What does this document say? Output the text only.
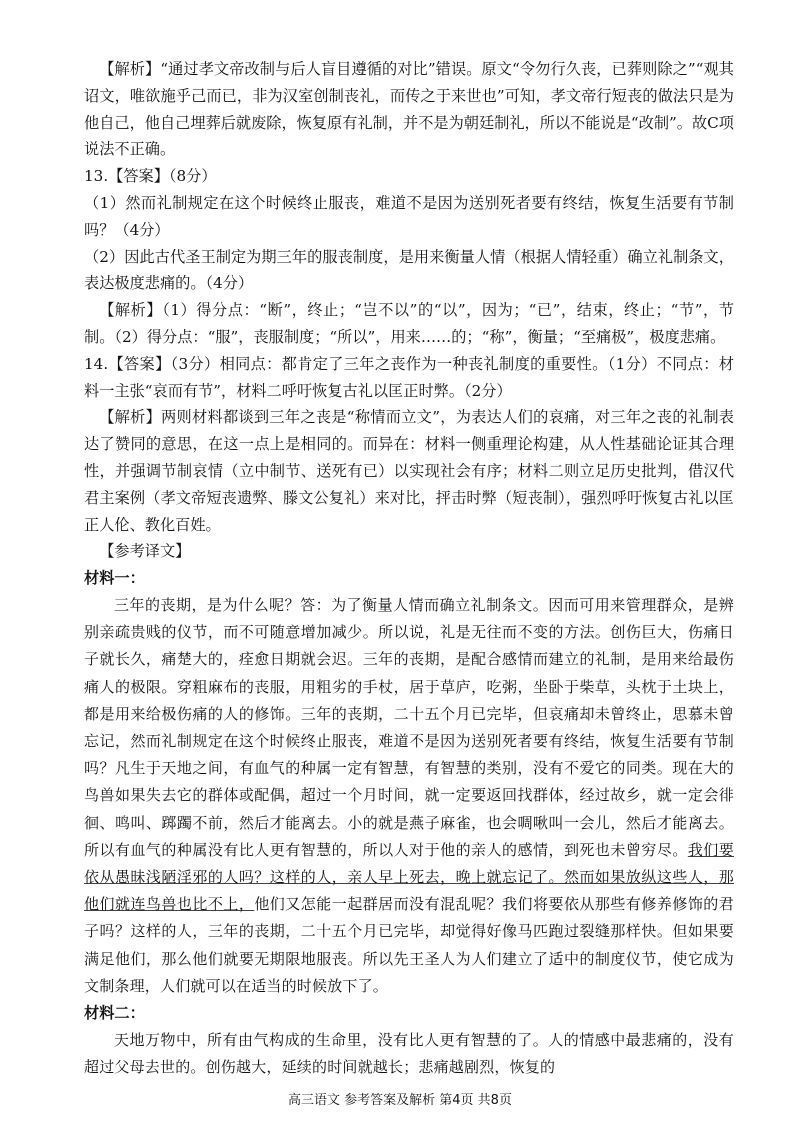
【解析】“通过孝文帝改制与后人盲目遵循的对比”错误。原文“令勿行久丧，已葬则除之”“观其诏文，唯欲施乎己而已，非为汉室创制丧礼，而传之于来世也”可知，孝文帝行短丧的做法只是为他自己，他自己埋葬后就废除，恢复原有礼制，并不是为朝廷制礼，所以不能说是“改制”。故C项说法不正确。

13.【答案】（8分）

（1）然而礼制规定在这个时候终止服丧，难道不是因为送别死者要有终结，恢复生活要有节制吗？（4分）

（2）因此古代圣王制定为期三年的服丧制度，是用来衡量人情（根据人情轻重）确立礼制条文，表达极度悲痛的。（4分）

【解析】（1）得分点：“断”，终止；“岂不以”的“以”，因为；“已”，结束，终止；“节”，节制。（2）得分点：“服”，丧服制度；“所以”，用来……的；“称”，衡量；“至痛极”，极度悲痛。

14.【答案】（3分）相同点：都肯定了三年之丧作为一种丧礼制度的重要性。（1分）不同点：材料一主张“哀而有节”，材料二呼吁恢复古礼以匡正时弊。（2分）

【解析】两则材料都谈到三年之丧是“称情而立文”，为表达人们的哀痛，对三年之丧的礼制表达了赞同的意思，在这一点上是相同的。而异在：材料一侧重理论构建，从人性基础论证其合理性，并强调节制哀情（立中制节、送死有已）以实现社会有序；材料二则立足历史批判，借汉代君主案例（孝文帝短丧遗弊、滕文公复礼）来对比，抨击时弊（短丧制），强烈呼吁恢复古礼以匡正人伦、教化百姓。

【参考译文】

材料一：

三年的丧期，是为什么呢？答：为了衡量人情而确立礼制条文。因而可用来管理群众，是辨别亲疏贵贱的仪节，而不可随意增加减少。所以说，礼是无往而不变的方法。创伤巨大，伤痛日子就长久，痛楚大的，痊愈日期就会迟。三年的丧期，是配合感情而建立的礼制，是用来给最伤痛人的极限。穿粗麻布的丧服，用粗劣的手杖，居于草庐，吃粥，坐卧于柴草，头枕于土块上，都是用来给极伤痛的人的修饰。三年的丧期，二十五个月已完毕，但哀痛却未曾终止，思慕未曾忘记，然而礼制规定在这个时候终止服丧，难道不是因为送别死者要有终结，恢复生活要有节制吗？凡生于天地之间，有血气的种属一定有智慧，有智慧的类别，没有不爱它的同类。现在大的鸟兽如果失去它的群体或配偶，超过一个月时间，就一定要返回找群体，经过故乡，就一定会徘徊、鸣叫、踯躅不前，然后才能离去。小的就是燕子麻雀，也会啁啾叫一会儿，然后才能离去。所以有血气的种属没有比人更有智慧的，所以人对于他的亲人的感情，到死也未曾穷尽。我们要依从愚昧浅陋淫邪的人吗？这样的人，亲人早上死去，晚上就忘记了。然而如果放纵这些人，那他们就连鸟兽也比不上，他们又怎能一起群居而没有混乱呢？我们将要依从那些有修养修饰的君子吗？这样的人，三年的丧期，二十五个月已完毕，却觉得好像马匹跑过裂缝那样快。但如果要满足他们，那么他们就要无期限地服丧。所以先王圣人为人们建立了适中的制度仪节，使它成为文制条理，人们就可以在适当的时候放下了。

材料二：

天地万物中，所有由气构成的生命里，没有比人更有智慧的了。人的情感中最悲痛的，没有超过父母去世的。创伤越大，延续的时间就越长；悲痛越剧烈，恢复的

高三语文 参考答案及解析 第4页 共8页
